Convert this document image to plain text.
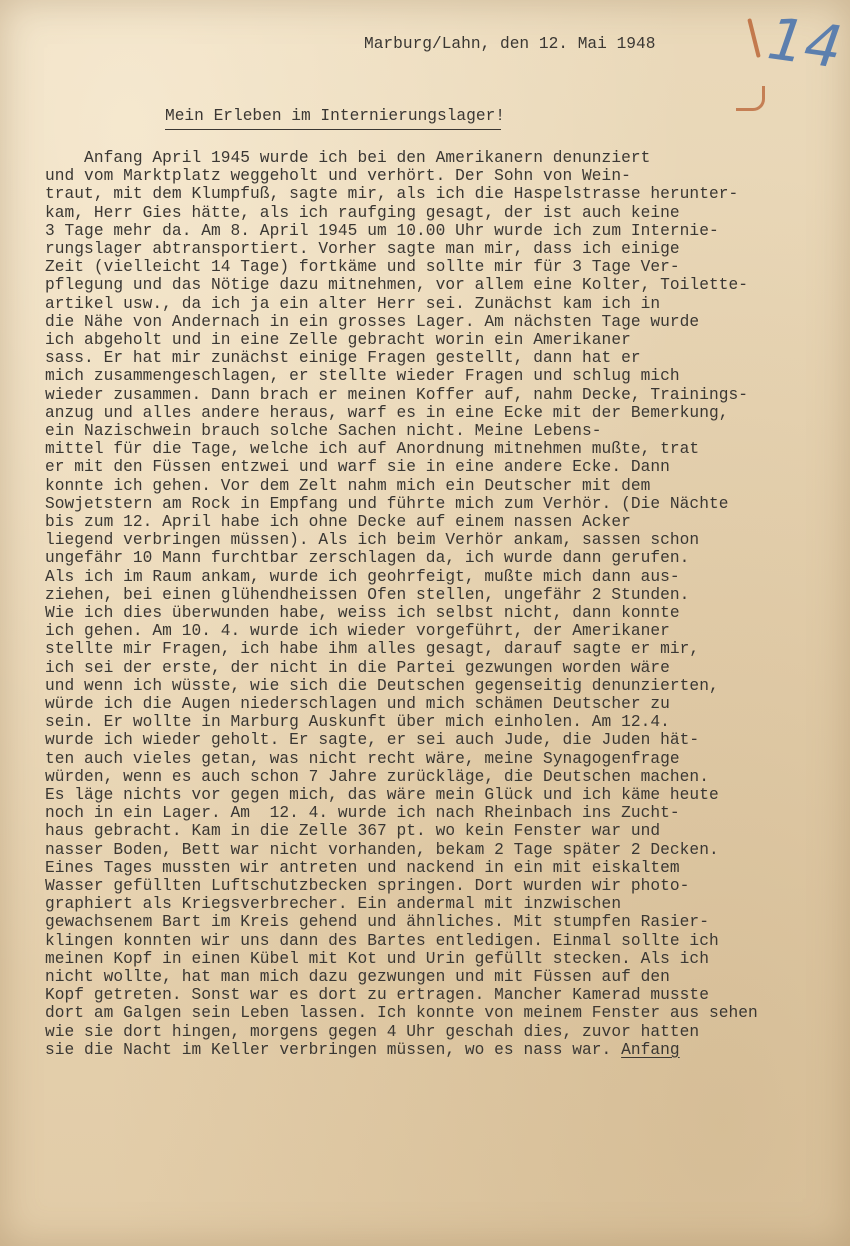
14
Marburg/Lahn, den 12. Mai 1948
Mein Erleben im Internierungslager!
Anfang April 1945 wurde ich bei den Amerikanern denunziert
und vom Marktplatz weggeholt und verhört. Der Sohn von Wein-
traut, mit dem Klumpfuß, sagte mir, als ich die Haspelstrasse herunter-
kam, Herr Gies hätte, als ich raufging gesagt, der ist auch keine
3 Tage mehr da. Am 8. April 1945 um 10.00 Uhr wurde ich zum Internie-
rungslager abtransportiert. Vorher sagte man mir, dass ich einige
Zeit (vielleicht 14 Tage) fortkäme und sollte mir für 3 Tage Ver-
pflegung und das Nötige dazu mitnehmen, vor allem eine Kolter, Toilette-
artikel usw., da ich ja ein alter Herr sei. Zunächst kam ich in
die Nähe von Andernach in ein grosses Lager. Am nächsten Tage wurde
ich abgeholt und in eine Zelle gebracht worin ein Amerikaner
sass. Er hat mir zunächst einige Fragen gestellt, dann hat er
mich zusammengeschlagen, er stellte wieder Fragen und schlug mich
wieder zusammen. Dann brach er meinen Koffer auf, nahm Decke, Trainings-
anzug und alles andere heraus, warf es in eine Ecke mit der Bemerkung,
ein Nazischwein brauch solche Sachen nicht. Meine Lebens-
mittel für die Tage, welche ich auf Anordnung mitnehmen mußte, trat
er mit den Füssen entzwei und warf sie in eine andere Ecke. Dann
konnte ich gehen. Vor dem Zelt nahm mich ein Deutscher mit dem
Sowjetstern am Rock in Empfang und führte mich zum Verhör. (Die Nächte
bis zum 12. April habe ich ohne Decke auf einem nassen Acker
liegend verbringen müssen). Als ich beim Verhör ankam, sassen schon
ungefähr 10 Mann furchtbar zerschlagen da, ich wurde dann gerufen.
Als ich im Raum ankam, wurde ich geohrfeigt, mußte mich dann aus-
ziehen, bei einen glühendheissen Ofen stellen, ungefähr 2 Stunden.
Wie ich dies überwunden habe, weiss ich selbst nicht, dann konnte
ich gehen. Am 10. 4. wurde ich wieder vorgeführt, der Amerikaner
stellte mir Fragen, ich habe ihm alles gesagt, darauf sagte er mir,
ich sei der erste, der nicht in die Partei gezwungen worden wäre
und wenn ich wüsste, wie sich die Deutschen gegenseitig denunzierten,
würde ich die Augen niederschlagen und mich schämen Deutscher zu
sein. Er wollte in Marburg Auskunft über mich einholen. Am 12.4.
wurde ich wieder geholt. Er sagte, er sei auch Jude, die Juden hät-
ten auch vieles getan, was nicht recht wäre, meine Synagogenfrage
würden, wenn es auch schon 7 Jahre zurückläge, die Deutschen machen.
Es läge nichts vor gegen mich, das wäre mein Glück und ich käme heute
noch in ein Lager. Am  12. 4. wurde ich nach Rheinbach ins Zucht-
haus gebracht. Kam in die Zelle 367 pt. wo kein Fenster war und
nasser Boden, Bett war nicht vorhanden, bekam 2 Tage später 2 Decken.
Eines Tages mussten wir antreten und nackend in ein mit eiskaltem
Wasser gefüllten Luftschutzbecken springen. Dort wurden wir photo-
graphiert als Kriegsverbrecher. Ein andermal mit inzwischen
gewachsenem Bart im Kreis gehend und ähnliches. Mit stumpfen Rasier-
klingen konnten wir uns dann des Bartes entledigen. Einmal sollte ich
meinen Kopf in einen Kübel mit Kot und Urin gefüllt stecken. Als ich
nicht wollte, hat man mich dazu gezwungen und mit Füssen auf den
Kopf getreten. Sonst war es dort zu ertragen. Mancher Kamerad musste
dort am Galgen sein Leben lassen. Ich konnte von meinem Fenster aus sehen
wie sie dort hingen, morgens gegen 4 Uhr geschah dies, zuvor hatten
sie die Nacht im Keller verbringen müssen, wo es nass war. Anfang
